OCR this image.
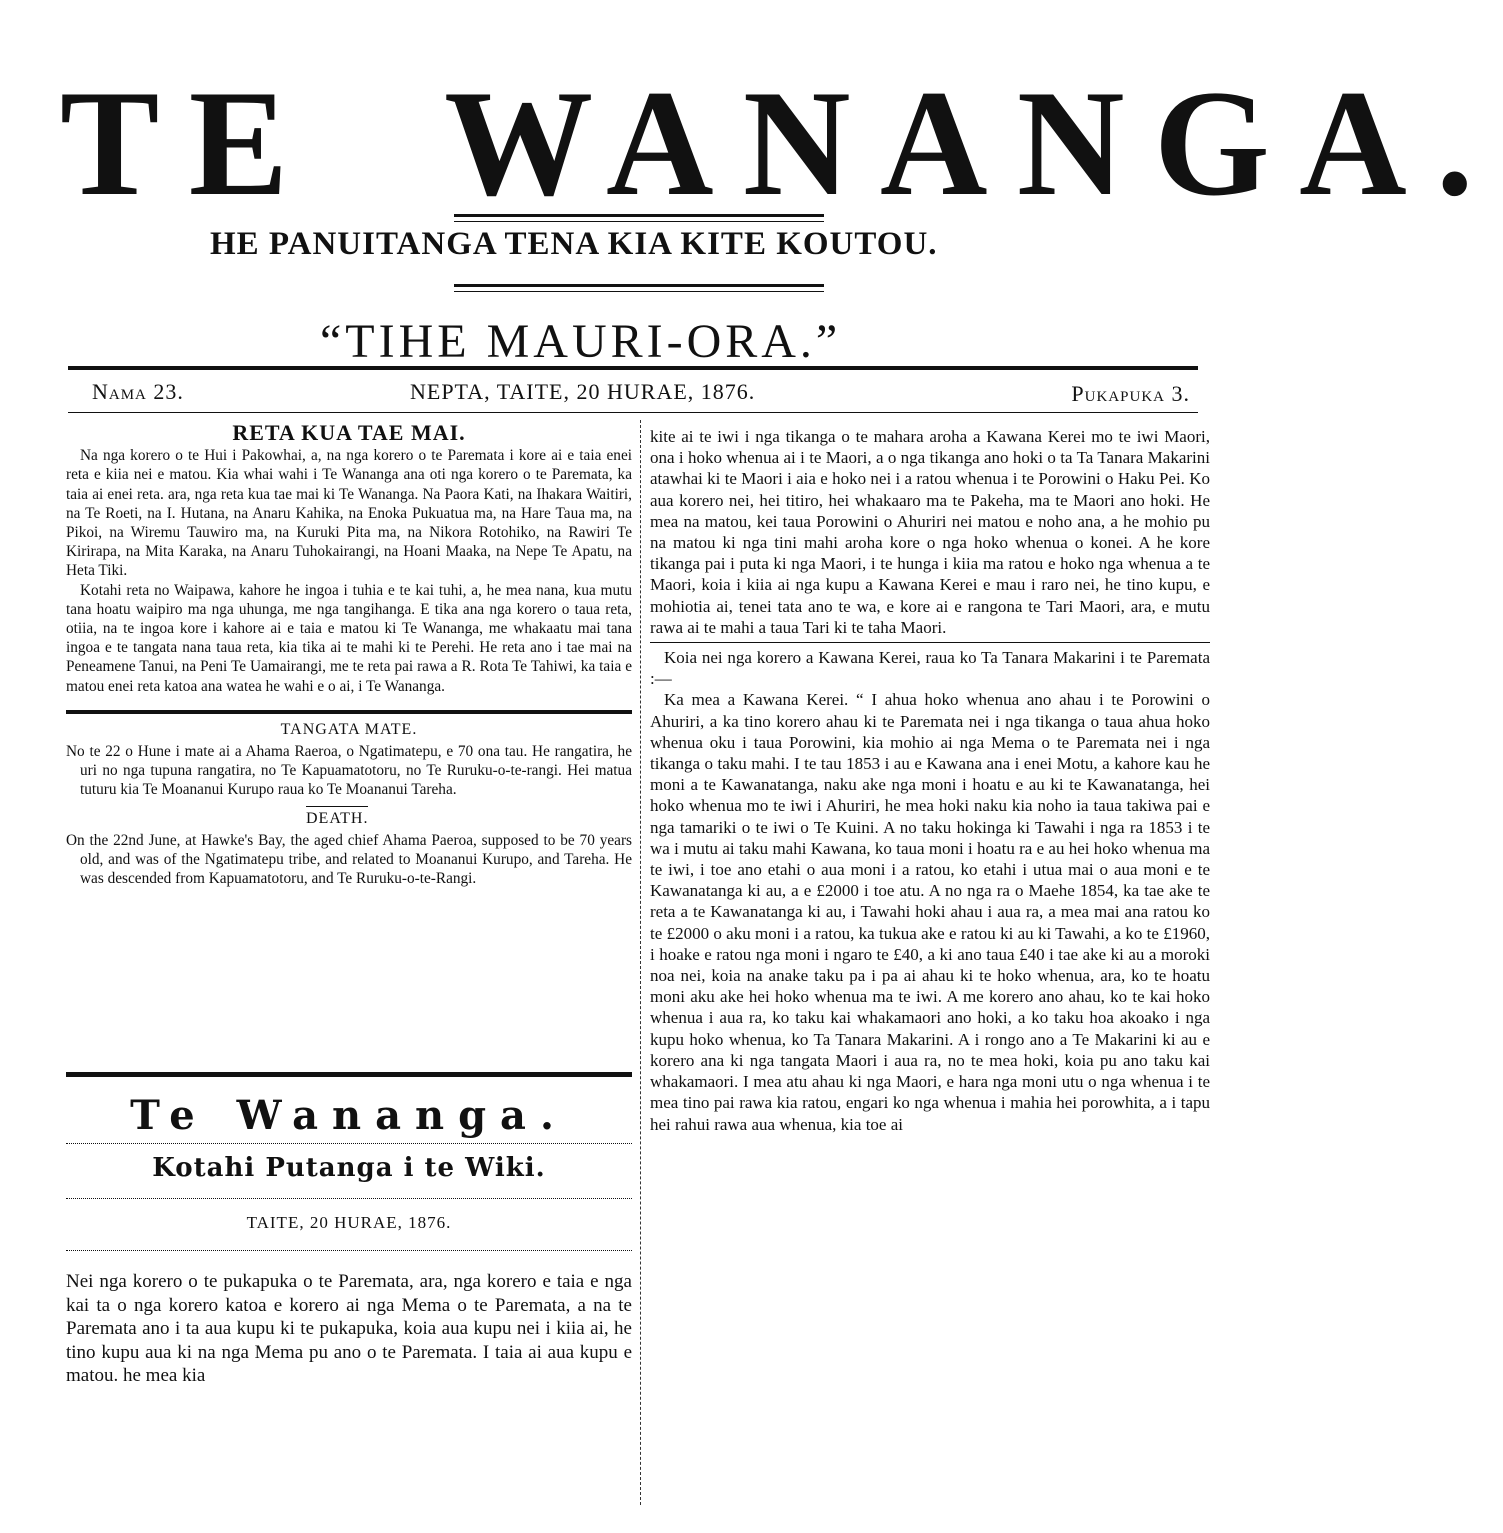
TE WANANGA.
HE PANUITANGA TENA KIA KITE KOUTOU.
“TIHE MAURI-ORA.”
Nama 23.	NEPTA, TAITE, 20 HURAE, 1876.	Pukapuka 3.
RETA KUA TAE MAI.

Na nga korero o te Hui i Pakowhai, a, na nga korero o te Paremata i kore ai e taia enei reta e kiia nei e matou. Kia whai wahi i Te Wananga ana oti nga korero o te Paremata, ka taia ai enei reta. ara, nga reta kua tae mai ki Te Wananga. Na Paora Kati, na Ihakara Waitiri, na Te Roeti, na I. Hutana, na Anaru Kahika, na Enoka Pukuatua ma, na Hare Taua ma, na Pikoi, na Wiremu Tauwiro ma, na Kuruki Pita ma, na Nikora Rotohiko, na Rawiri Te Kirirapa, na Mita Karaka, na Anaru Tuhokairangi, na Hoani Maaka, na Nepe Te Apatu, na Heta Tiki.

Kotahi reta no Waipawa, kahore he ingoa i tuhia e te kai tuhi, a, he mea nana, kua mutu tana hoatu waipiro ma nga uhunga, me nga tangihanga. E tika ana nga korero o taua reta, otiia, na te ingoa kore i kahore ai e taia e matou ki Te Wananga, me whakaatu mai tana ingoa e te tangata nana taua reta, kia tika ai te mahi ki te Perehi. He reta ano i tae mai na Peneamene Tanui, na Peni Te Uamairangi, me te reta pai rawa a R. Rota Te Tahiwi, ka taia e matou enei reta katoa ana watea he wahi e o ai, i Te Wananga.

TANGATA MATE.

No te 22 o Hune i mate ai a Ahama Raeroa, o Ngatimatepu, e 70 ona tau. He rangatira, he uri no nga tupuna rangatira, no Te Kapuamatotoru, no Te Ruruku-o-te-rangi. Hei matua tuturu kia Te Moananui Kurupo raua ko Te Moananui Tareha.

DEATH.

On the 22nd June, at Hawke's Bay, the aged chief Ahama Paeroa, supposed to be 70 years old, and was of the Ngatimatepu tribe, and related to Moananui Kurupo, and Tareha. He was descended from Kapuamatotoru, and Te Ruruku-o-te-Rangi.

Te Wananga.
Kotahi Putanga i te Wiki.
TAITE, 20 HURAE, 1876.

Nei nga korero o te pukapuka o te Paremata, ara, nga korero e taia e nga kai ta o nga korero katoa e korero ai nga Mema o te Paremata, a na te Paremata ano i ta aua kupu ki te pukapuka, koia aua kupu nei i kiia ai, he tino kupu aua ki na nga Mema pu ano o te Paremata. I taia ai aua kupu e matou. he mea kia

kite ai te iwi i nga tikanga o te mahara aroha a Kawana Kerei mo te iwi Maori, ona i hoko whenua ai i te Maori, a o nga tikanga ano hoki o ta Ta Tanara Makarini atawhai ki te Maori i aia e hoko nei i a ratou whenua i te Porowini o Haku Pei. Ko aua korero nei, hei titiro, hei whakaaro ma te Pakeha, ma te Maori ano hoki. He mea na matou, kei taua Porowini o Ahuriri nei matou e noho ana, a he mohio pu na matou ki nga tini mahi aroha kore o nga hoko whenua o konei. A he kore tikanga pai i puta ki nga Maori, i te hunga i kiia ma ratou e hoko nga whenua a te Maori, koia i kiia ai nga kupu a Kawana Kerei e mau i raro nei, he tino kupu, e mohiotia ai, tenei tata ano te wa, e kore ai e rangona te Tari Maori, ara, e mutu rawa ai te mahi a taua Tari ki te taha Maori.

Koia nei nga korero a Kawana Kerei, raua ko Ta Tanara Makarini i te Paremata :—

Ka mea a Kawana Kerei. “ I ahua hoko whenua ano ahau i te Porowini o Ahuriri, a ka tino korero ahau ki te Paremata nei i nga tikanga o taua ahua hoko whenua oku i taua Porowini, kia mohio ai nga Mema o te Paremata nei i nga tikanga o taku mahi. I te tau 1853 i au e Kawana ana i enei Motu, a kahore kau he moni a te Kawanatanga, naku ake nga moni i hoatu e au ki te Kawanatanga, hei hoko whenua mo te iwi i Ahuriri, he mea hoki naku kia noho ia taua takiwa pai e nga tamariki o te iwi o Te Kuini. A no taku hokinga ki Tawahi i nga ra 1853 i te wa i mutu ai taku mahi Kawana, ko taua moni i hoatu ra e au hei hoko whenua ma te iwi, i toe ano etahi o aua moni i a ratou, ko etahi i utua mai o aua moni e te Kawanatanga ki au, a e £2000 i toe atu. A no nga ra o Maehe 1854, ka tae ake te reta a te Kawanatanga ki au, i Tawahi hoki ahau i aua ra, a mea mai ana ratou ko te £2000 o aku moni i a ratou, ka tukua ake e ratou ki au ki Tawahi, a ko te £1960, i hoake e ratou nga moni i ngaro te £40, a ki ano taua £40 i tae ake ki au a moroki noa nei, koia na anake taku pa i pa ai ahau ki te hoko whenua, ara, ko te hoatu moni aku ake hei hoko whenua ma te iwi. A me korero ano ahau, ko te kai hoko whenua i aua ra, ko taku kai whakamaori ano hoki, a ko taku hoa akoako i nga kupu hoko whenua, ko Ta Tanara Makarini. A i rongo ano a Te Makarini ki au e korero ana ki nga tangata Maori i aua ra, no te mea hoki, koia pu ano taku kai whakamaori. I mea atu ahau ki nga Maori, e hara nga moni utu o nga whenua i te mea tino pai rawa kia ratou, engari ko nga whenua i mahia hei porowhita, a i tapu hei rahui rawa aua whenua, kia toe ai
